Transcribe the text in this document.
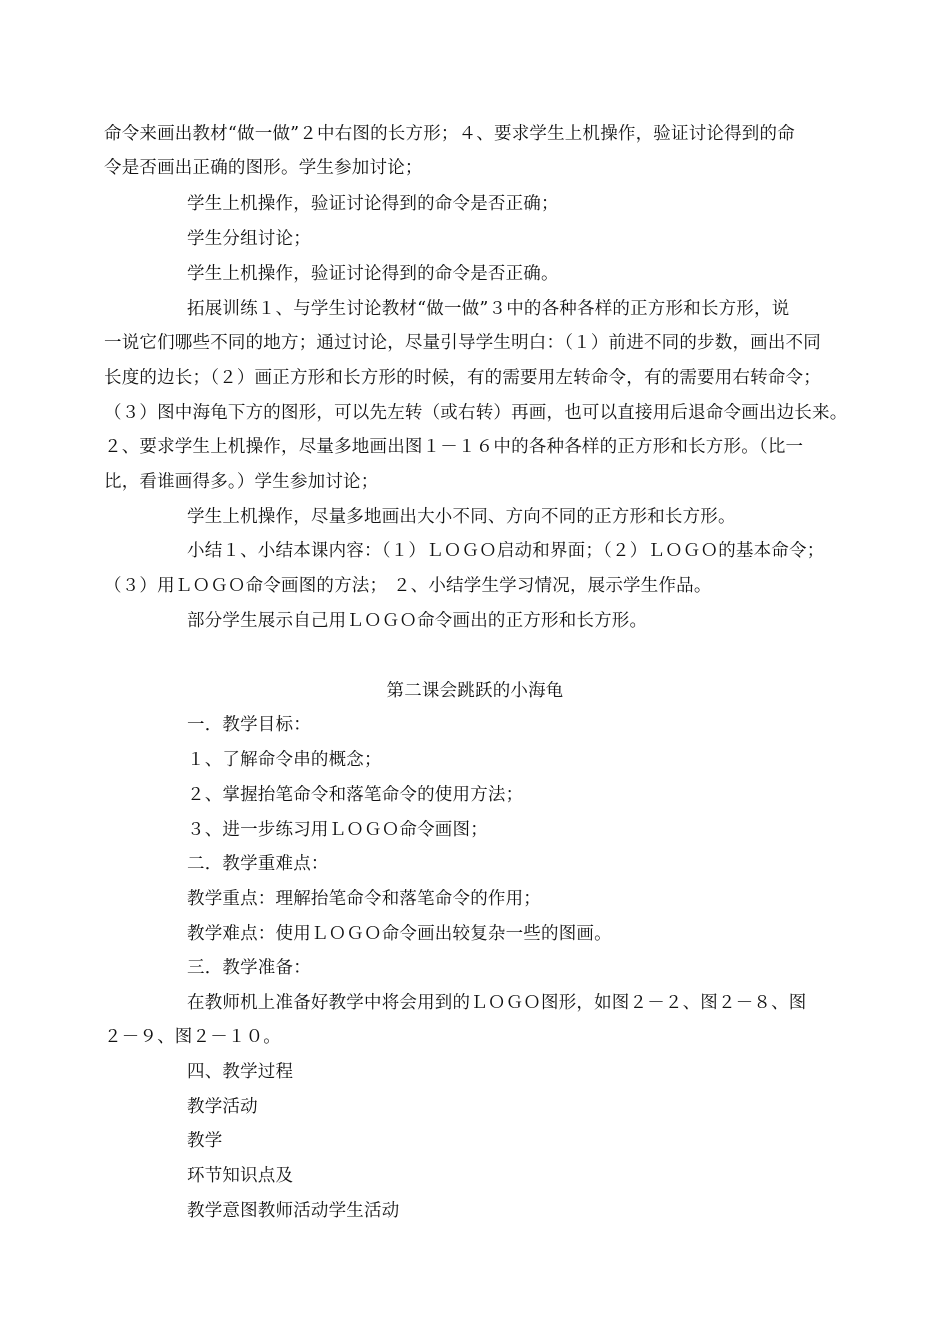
命令来画出教材“做一做”２中右图的长方形；４、要求学生上机操作，验证讨论得到的命
令是否画出正确的图形。学生参加讨论；
学生上机操作，验证讨论得到的命令是否正确；
学生分组讨论；
学生上机操作，验证讨论得到的命令是否正确。
拓展训练１、与学生讨论教材“做一做”３中的各种各样的正方形和长方形，说
一说它们哪些不同的地方；通过讨论，尽量引导学生明白：（１）前进不同的步数，画出不同
长度的边长；（２）画正方形和长方形的时候，有的需要用左转命令，有的需要用右转命令；
（３）图中海龟下方的图形，可以先左转（或右转）再画，也可以直接用后退命令画出边长来。
２、要求学生上机操作，尽量多地画出图１－１６中的各种各样的正方形和长方形。（比一
比，看谁画得多。）学生参加讨论；
学生上机操作，尽量多地画出大小不同、方向不同的正方形和长方形。
小结１、小结本课内容：（１）ＬＯＧＯ启动和界面；（２）ＬＯＧＯ的基本命令；
（３）用ＬＯＧＯ命令画图的方法； ２、小结学生学习情况，展示学生作品。
部分学生展示自己用ＬＯＧＯ命令画出的正方形和长方形。
第二课会跳跃的小海龟
一．教学目标：
１、了解命令串的概念；
２、掌握抬笔命令和落笔命令的使用方法；
３、进一步练习用ＬＯＧＯ命令画图；
二．教学重难点：
教学重点：理解抬笔命令和落笔命令的作用；
教学难点：使用ＬＯＧＯ命令画出较复杂一些的图画。
三．教学准备：
在教师机上准备好教学中将会用到的ＬＯＧＯ图形，如图２－２、图２－８、图
２－９、图２－１０。
四、教学过程
教学活动
教学
环节知识点及
教学意图教师活动学生活动
